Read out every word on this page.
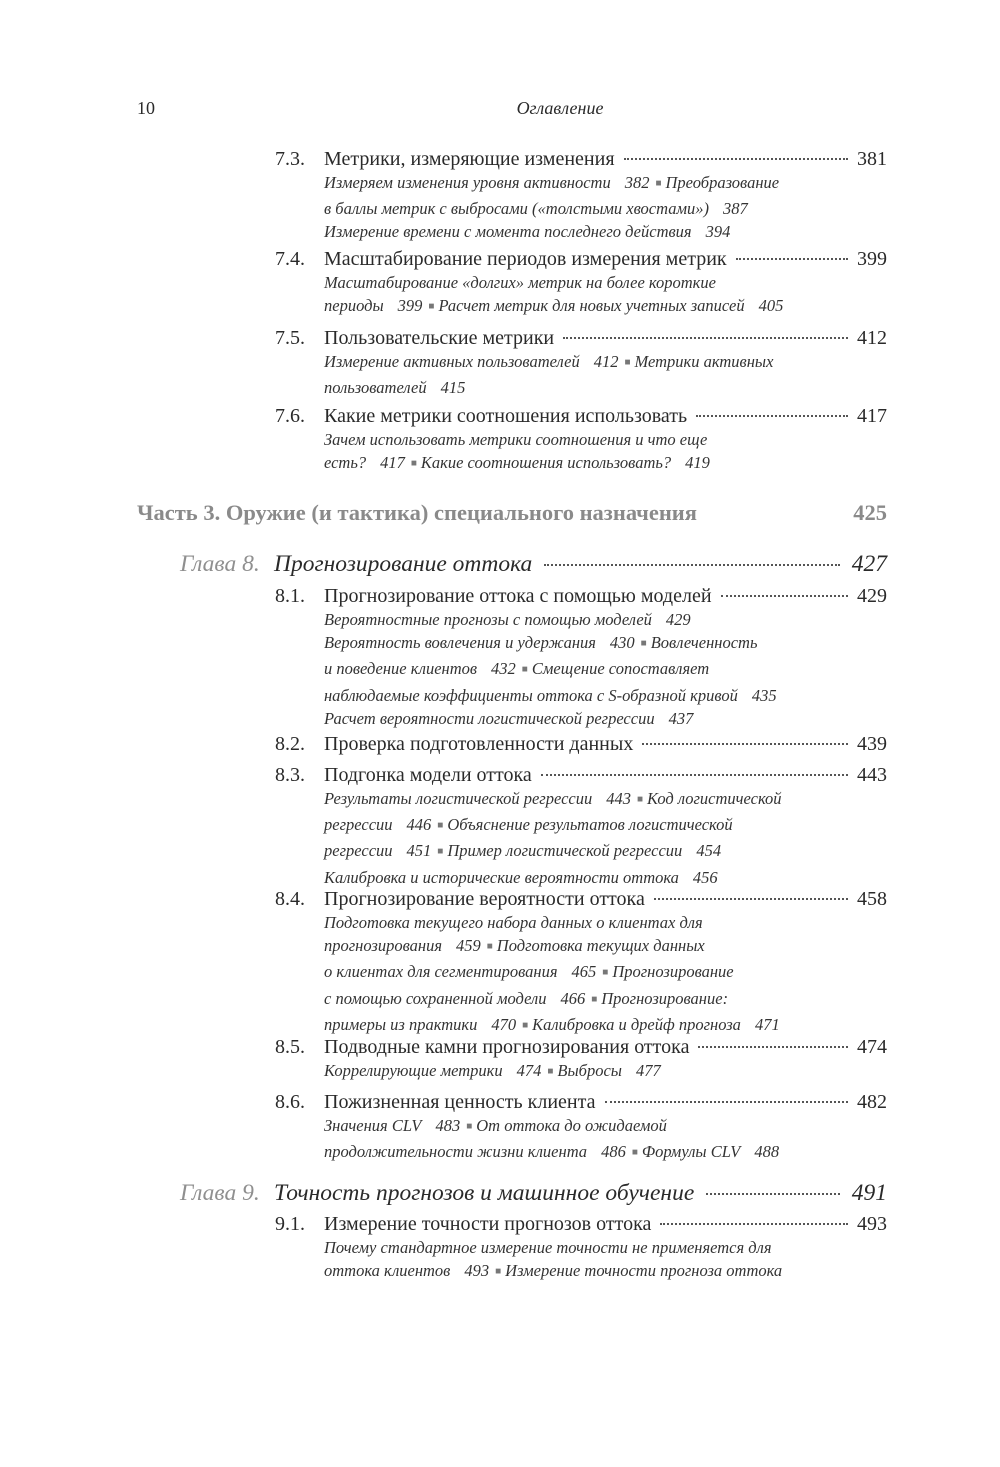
10	Оглавление
7.3. Метрики, измеряющие изменения	381
Измеряем изменения уровня активности 382 ■ Преобразование
в баллы метрик с выбросами («толстыми хвостами») 387
Измерение времени с момента последнего действия 394
7.4. Масштабирование периодов измерения метрик	399
Масштабирование «долгих» метрик на более короткие
периоды 399 ■ Расчет метрик для новых учетных записей 405
7.5. Пользовательские метрики	412
Измерение активных пользователей 412 ■ Метрики активных
пользователей 415
7.6. Какие метрики соотношения использовать	417
Зачем использовать метрики соотношения и что еще
есть? 417 ■ Какие соотношения использовать? 419
Часть 3. Оружие (и тактика) специального назначения	425
Глава 8. Прогнозирование оттока	427
8.1. Прогнозирование оттока с помощью моделей	429
Вероятностные прогнозы с помощью моделей 429
Вероятность вовлечения и удержания 430 ■ Вовлеченность
и поведение клиентов 432 ■ Смещение сопоставляет
наблюдаемые коэффициенты оттока с S-образной кривой 435
Расчет вероятности логистической регрессии 437
8.2. Проверка подготовленности данных	439
8.3. Подгонка модели оттока	443
Результаты логистической регрессии 443 ■ Код логистической
регрессии 446 ■ Объяснение результатов логистической
регрессии 451 ■ Пример логистической регрессии 454
Калибровка и исторические вероятности оттока 456
8.4. Прогнозирование вероятности оттока	458
Подготовка текущего набора данных о клиентах для
прогнозирования 459 ■ Подготовка текущих данных
о клиентах для сегментирования 465 ■ Прогнозирование
с помощью сохраненной модели 466 ■ Прогнозирование:
примеры из практики 470 ■ Калибровка и дрейф прогноза 471
8.5. Подводные камни прогнозирования оттока	474
Коррелирующие метрики 474 ■ Выбросы 477
8.6. Пожизненная ценность клиента	482
Значения CLV 483 ■ От оттока до ожидаемой
продолжительности жизни клиента 486 ■ Формулы CLV 488
Глава 9. Точность прогнозов и машинное обучение	491
9.1. Измерение точности прогнозов оттока	493
Почему стандартное измерение точности не применяется для
оттока клиентов 493 ■ Измерение точности прогноза оттока
